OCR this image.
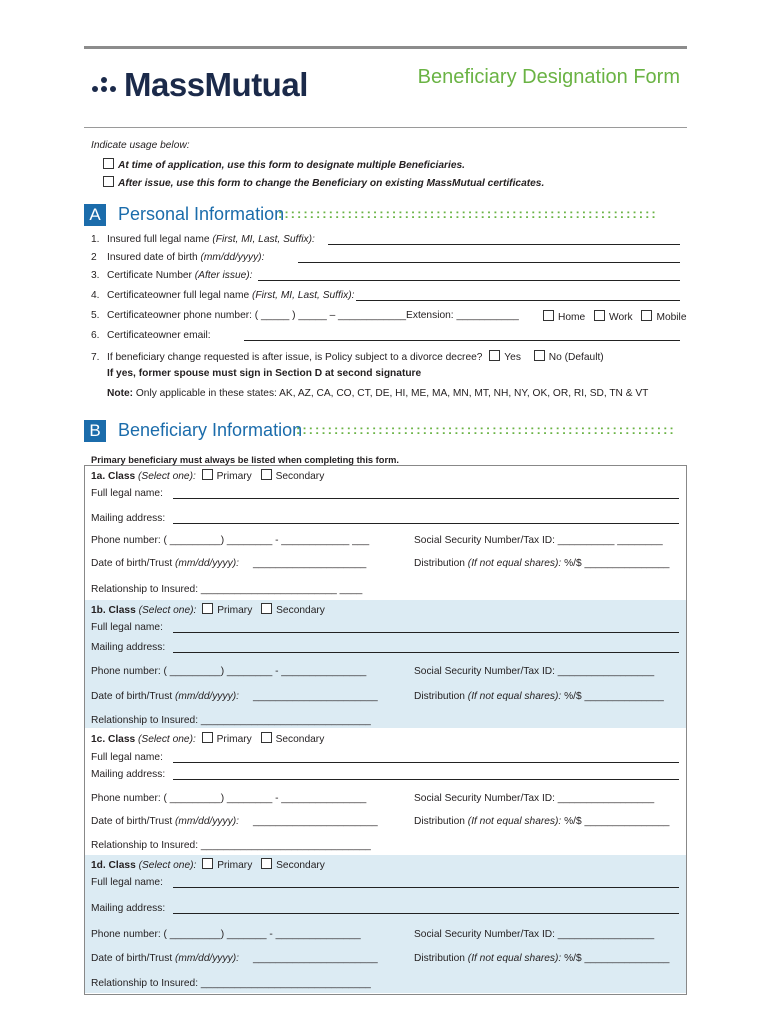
MassMutual	Beneficiary Designation Form
Indicate usage below:
At time of application, use this form to designate multiple Beneficiaries.
After issue, use this form to change the Beneficiary on existing MassMutual certificates.
A Personal Information
::::::::::::::::::::::::::::::::::::::::::::::::::::::::::::
1. Insured full legal name (First, MI, Last, Suffix):
2 Insured date of birth (mm/dd/yyyy):
3. Certificate Number (After issue):
4. Certificateowner full legal name (First, MI, Last, Suffix):
5. Certificateowner phone number: ( _____ ) _____ – ____________Extension: ___________	Home Work Mobile
6. Certificateowner email:
7. If beneficiary change requested is after issue, is Policy subject to a divorce decree? Yes	No (Default)
If yes, former spouse must sign in Section D at second signature
Note: Only applicable in these states: AK, AZ, CA, CO, CT, DE, HI, ME, MA, MN, MT, NH, NY, OK, OR, RI, SD, TN & VT
B Beneficiary Information
::::::::::::::::::::::::::::::::::::::::::::::::::::::::::::
Primary beneficiary must always be listed when completing this form.
1a. Class (Select one): Primary Secondary
Full legal name:
Mailing address:
Phone number: ( _________) ________ - ____________ ___	Social Security Number/Tax ID: __________ ________
Date of birth/Trust (mm/dd/yyyy): ____________________	Distribution (If not equal shares): %/$ _______________
Relationship to Insured: ________________________ ____
1b. Class (Select one): Primary Secondary
Full legal name:
Mailing address:
Phone number: ( _________) ________ - _______________	Social Security Number/Tax ID: _________________
Date of birth/Trust (mm/dd/yyyy): ______________________	Distribution (If not equal shares): %/$ ______________
Relationship to Insured: ______________________________
1c. Class (Select one): Primary Secondary
Full legal name:
Mailing address:
Phone number: ( _________) ________ - _______________	Social Security Number/Tax ID: _________________
Date of birth/Trust (mm/dd/yyyy): ______________________	Distribution (If not equal shares): %/$ _______________
Relationship to Insured: ______________________________
1d. Class (Select one): Primary Secondary
Full legal name:
Mailing address:
Phone number: ( _________) _______ - _______________	Social Security Number/Tax ID: _________________
Date of birth/Trust (mm/dd/yyyy): ______________________	Distribution (If not equal shares): %/$ _______________
Relationship to Insured: ______________________________
